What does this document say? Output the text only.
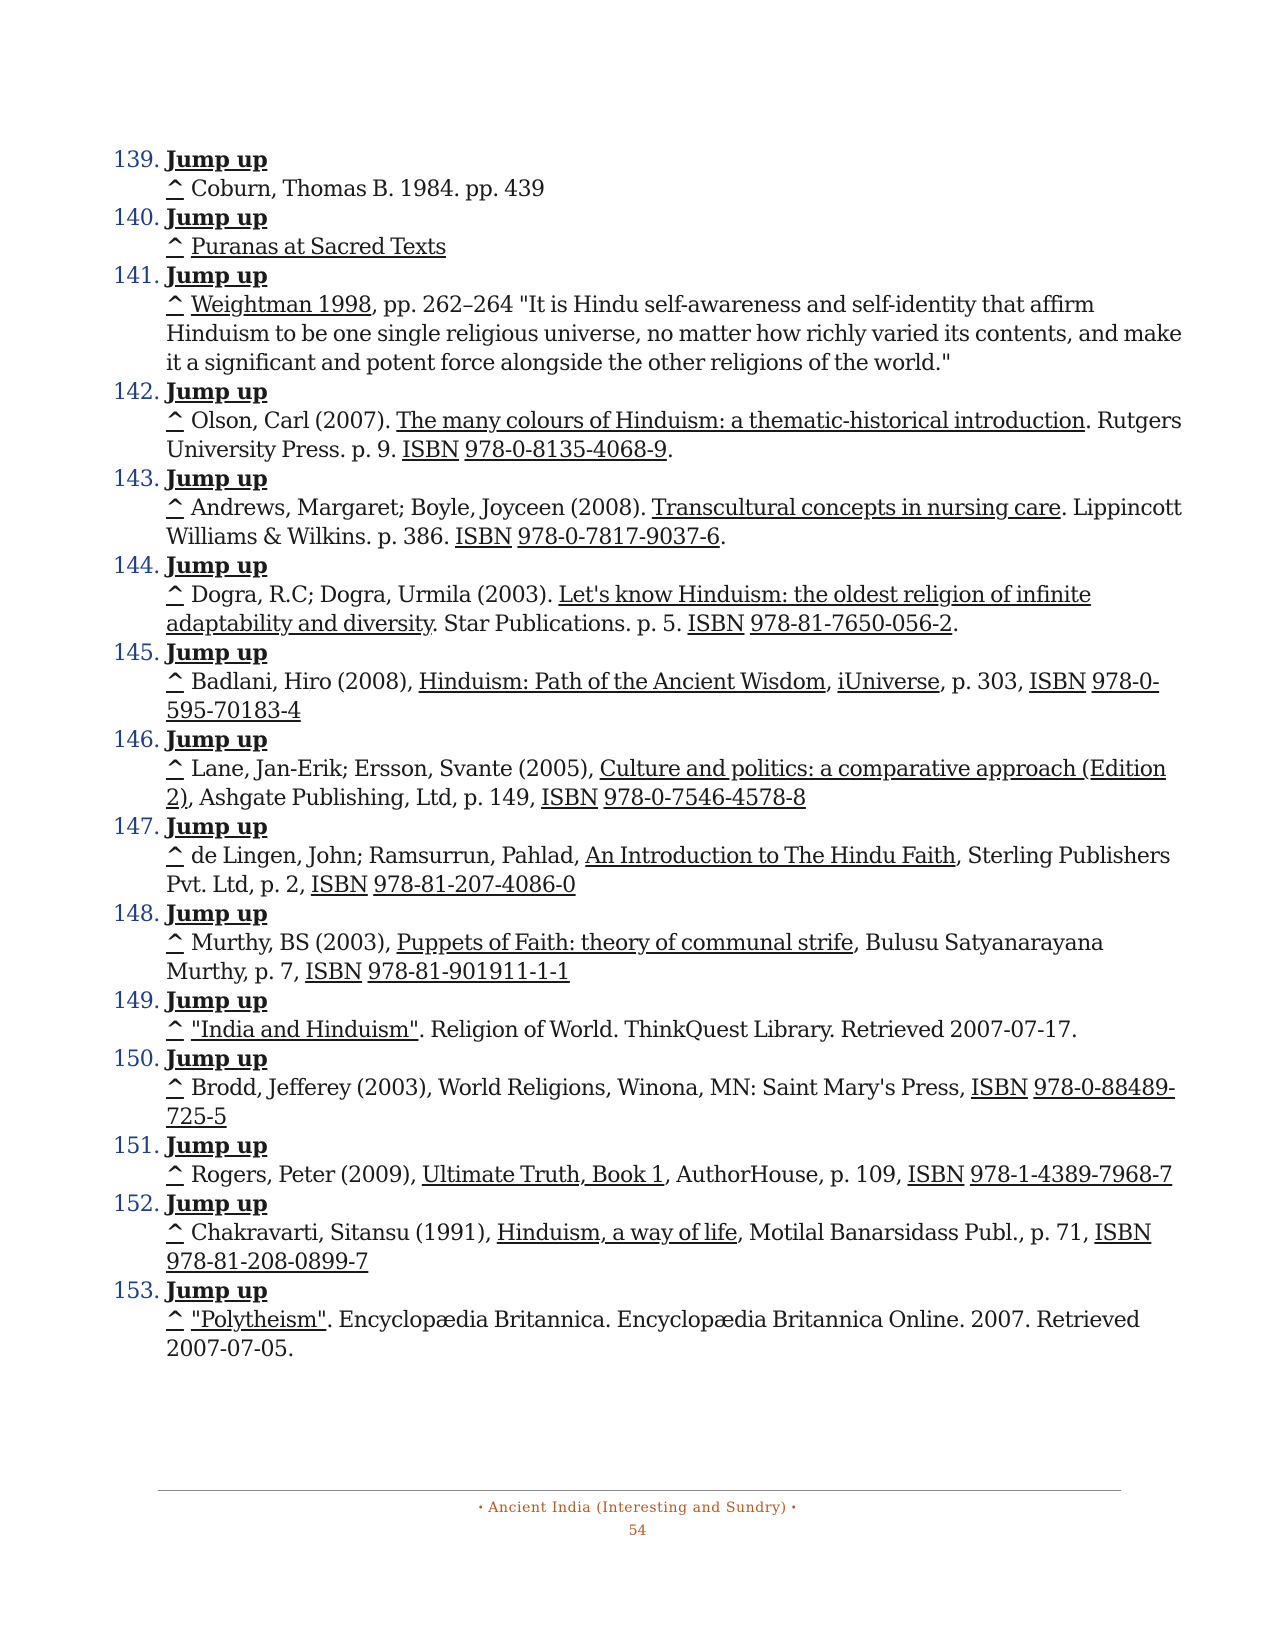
139. Jump up
^ Coburn, Thomas B. 1984. pp. 439
140. Jump up
^ Puranas at Sacred Texts
141. Jump up
^ Weightman 1998, pp. 262–264 "It is Hindu self-awareness and self-identity that affirm Hinduism to be one single religious universe, no matter how richly varied its contents, and make it a significant and potent force alongside the other religions of the world."
142. Jump up
^ Olson, Carl (2007). The many colours of Hinduism: a thematic-historical introduction. Rutgers University Press. p. 9. ISBN 978-0-8135-4068-9.
143. Jump up
^ Andrews, Margaret; Boyle, Joyceen (2008). Transcultural concepts in nursing care. Lippincott Williams & Wilkins. p. 386. ISBN 978-0-7817-9037-6.
144. Jump up
^ Dogra, R.C; Dogra, Urmila (2003). Let's know Hinduism: the oldest religion of infinite adaptability and diversity. Star Publications. p. 5. ISBN 978-81-7650-056-2.
145. Jump up
^ Badlani, Hiro (2008), Hinduism: Path of the Ancient Wisdom, iUniverse, p. 303, ISBN 978-0-595-70183-4
146. Jump up
^ Lane, Jan-Erik; Ersson, Svante (2005), Culture and politics: a comparative approach (Edition 2), Ashgate Publishing, Ltd, p. 149, ISBN 978-0-7546-4578-8
147. Jump up
^ de Lingen, John; Ramsurrun, Pahlad, An Introduction to The Hindu Faith, Sterling Publishers Pvt. Ltd, p. 2, ISBN 978-81-207-4086-0
148. Jump up
^ Murthy, BS (2003), Puppets of Faith: theory of communal strife, Bulusu Satyanarayana Murthy, p. 7, ISBN 978-81-901911-1-1
149. Jump up
^ "India and Hinduism". Religion of World. ThinkQuest Library. Retrieved 2007-07-17.
150. Jump up
^ Brodd, Jefferey (2003), World Religions, Winona, MN: Saint Mary's Press, ISBN 978-0-88489-725-5
151. Jump up
^ Rogers, Peter (2009), Ultimate Truth, Book 1, AuthorHouse, p. 109, ISBN 978-1-4389-7968-7
152. Jump up
^ Chakravarti, Sitansu (1991), Hinduism, a way of life, Motilal Banarsidass Publ., p. 71, ISBN 978-81-208-0899-7
153. Jump up
^ "Polytheism". Encyclopædia Britannica. Encyclopædia Britannica Online. 2007. Retrieved 2007-07-05.
• Ancient India (Interesting and Sundry) •
54
